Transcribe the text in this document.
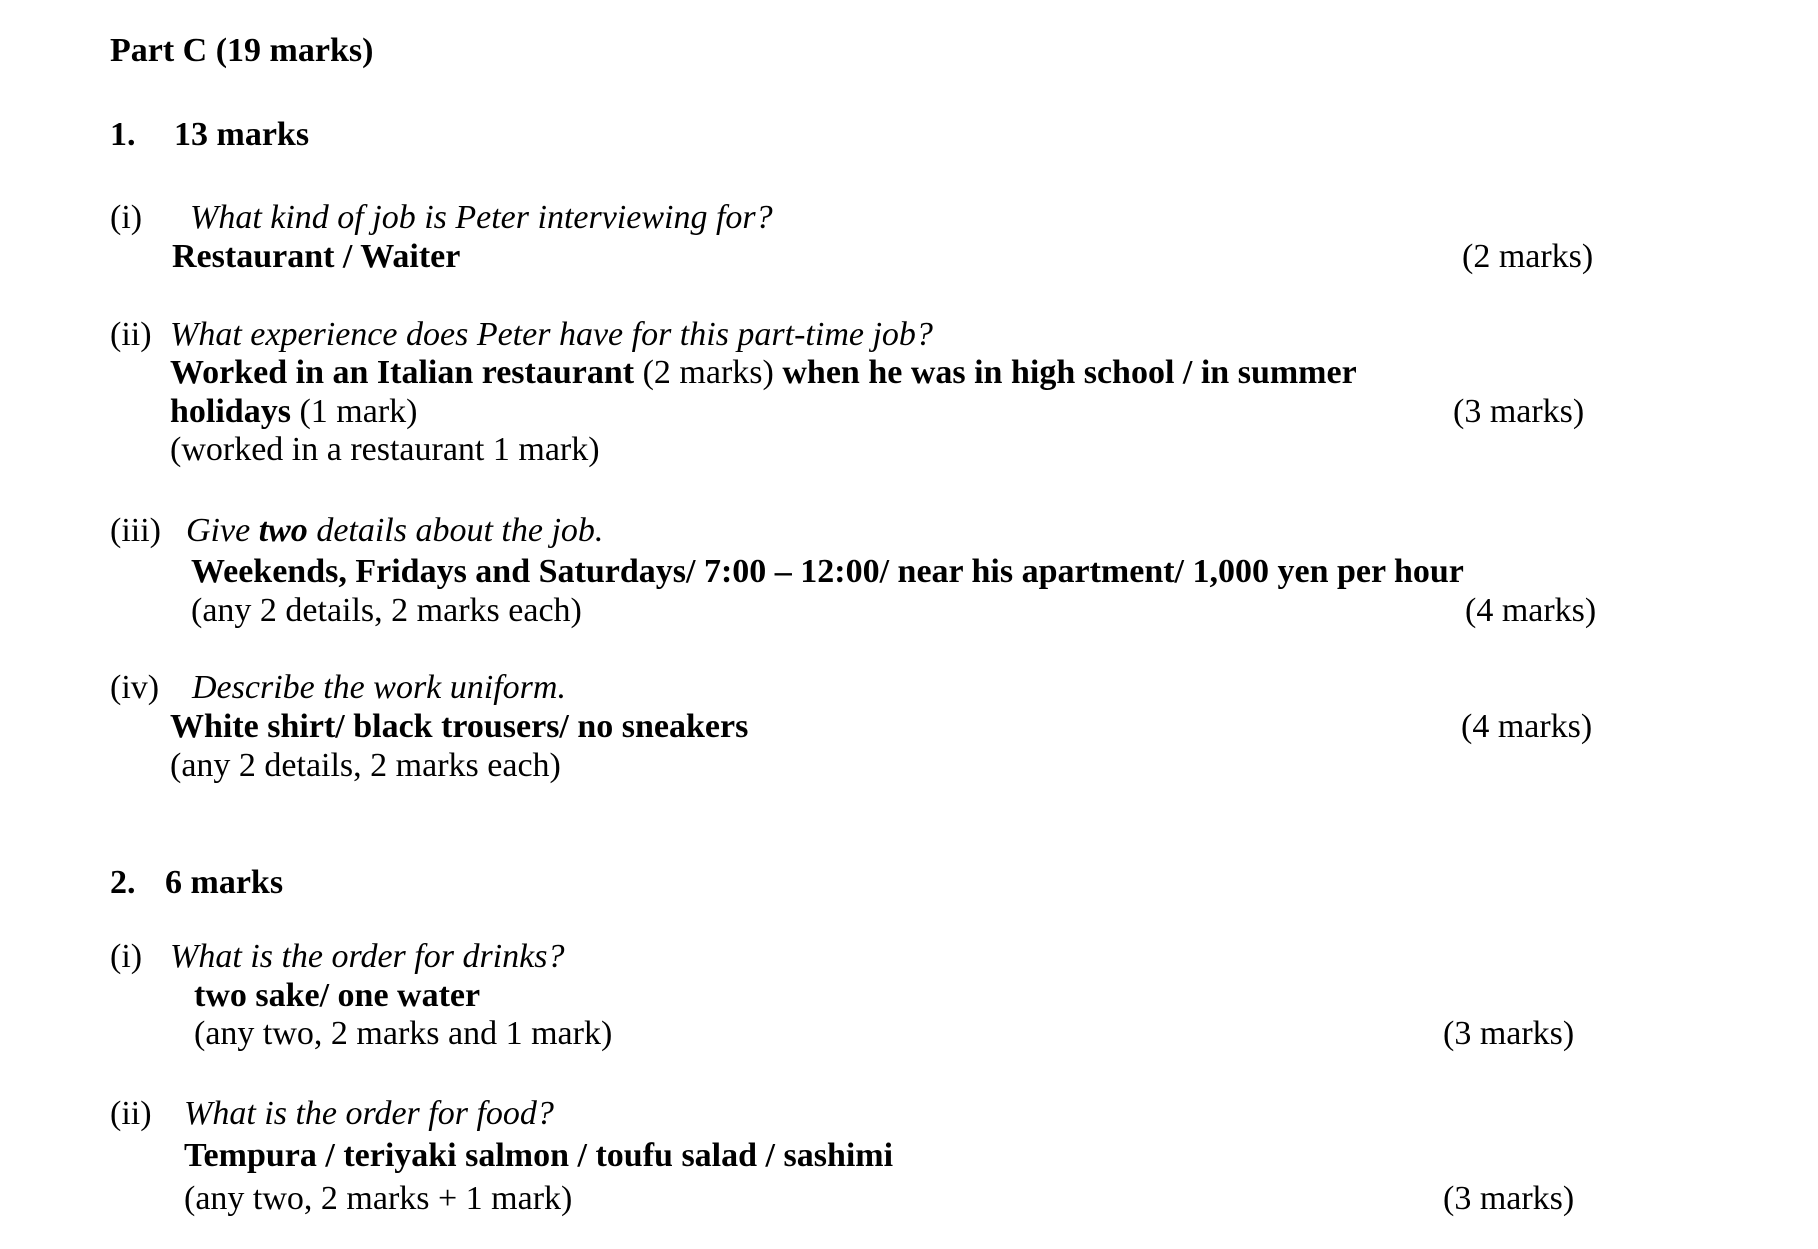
Part C (19 marks)
1. 13 marks
(i) What kind of job is Peter interviewing for?
Restaurant / Waiter	(2 marks)
(ii) What experience does Peter have for this part-time job?
Worked in an Italian restaurant (2 marks) when he was in high school / in summer
holidays (1 mark)	(3 marks)
(worked in a restaurant 1 mark)
(iii) Give two details about the job.
Weekends, Fridays and Saturdays/ 7:00 – 12:00/ near his apartment/ 1,000 yen per hour
(any 2 details, 2 marks each)	(4 marks)
(iv) Describe the work uniform.
White shirt/ black trousers/ no sneakers	(4 marks)
(any 2 details, 2 marks each)
2. 6 marks
(i) What is the order for drinks?
two sake/ one water
(any two, 2 marks and 1 mark)	(3 marks)
(ii) What is the order for food?
Tempura / teriyaki salmon / toufu salad / sashimi
(any two, 2 marks + 1 mark)	(3 marks)
